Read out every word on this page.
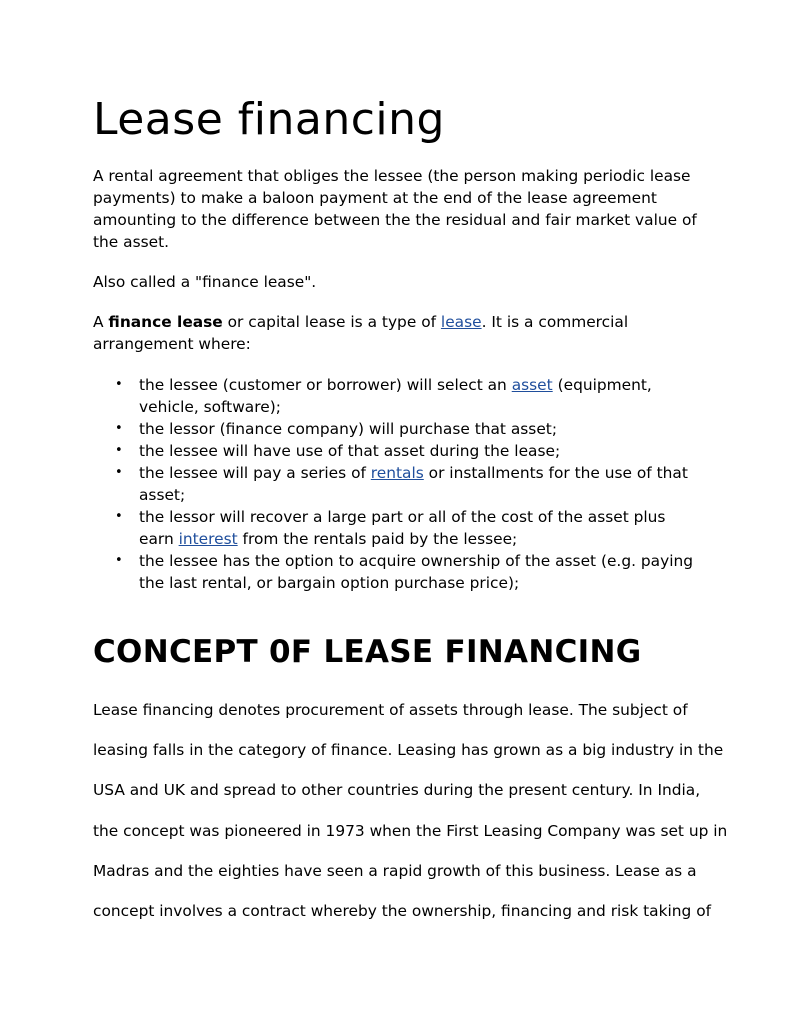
Lease financing

A rental agreement that obliges the lessee (the person making periodic lease payments) to make a baloon payment at the end of the lease agreement amounting to the difference between the the residual and fair market value of the asset.

Also called a "finance lease".

A finance lease or capital lease is a type of lease. It is a commercial arrangement where:

• the lessee (customer or borrower) will select an asset (equipment, vehicle, software);
• the lessor (finance company) will purchase that asset;
• the lessee will have use of that asset during the lease;
• the lessee will pay a series of rentals or installments for the use of that asset;
• the lessor will recover a large part or all of the cost of the asset plus earn interest from the rentals paid by the lessee;
• the lessee has the option to acquire ownership of the asset (e.g. paying the last rental, or bargain option purchase price);
CONCEPT 0F LEASE FINANCING

Lease financing denotes procurement of assets through lease. The subject of

leasing falls in the category of finance. Leasing has grown as a big industry in the

USA and UK and spread to other countries during the present century. In India,

the concept was pioneered in 1973 when the First Leasing Company was set up in

Madras and the eighties have seen a rapid growth of this business. Lease as a

concept involves a contract whereby the ownership, financing and risk taking of
